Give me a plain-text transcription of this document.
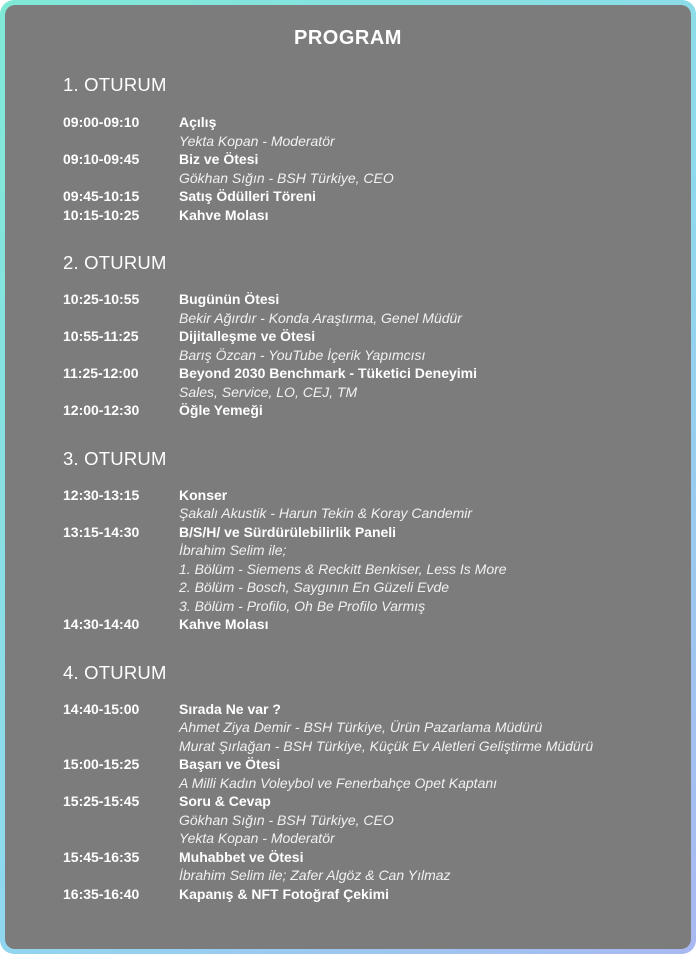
PROGRAM
1. OTURUM
09:00-09:10	Açılış
Yekta Kopan - Moderatör
09:10-09:45	Biz ve Ötesi
Gökhan Sığın - BSH Türkiye, CEO
09:45-10:15	Satış Ödülleri Töreni
10:15-10:25	Kahve Molası
2. OTURUM
10:25-10:55	Bugünün Ötesi
Bekir Ağırdır - Konda Araştırma, Genel Müdür
10:55-11:25	Dijitalleşme ve Ötesi
Barış Özcan - YouTube İçerik Yapımcısı
11:25-12:00	Beyond 2030 Benchmark - Tüketici Deneyimi
Sales, Service, LO, CEJ, TM
12:00-12:30	Öğle Yemeği
3. OTURUM
12:30-13:15	Konser
Şakalı Akustik - Harun Tekin & Koray Candemir
13:15-14:30	B/S/H/ ve Sürdürülebilirlik Paneli
İbrahim Selim ile;
1. Bölüm - Siemens & Reckitt Benkiser, Less Is More
2. Bölüm - Bosch, Saygının En Güzeli Evde
3. Bölüm - Profilo, Oh Be Profilo Varmış
14:30-14:40	Kahve Molası
4. OTURUM
14:40-15:00	Sırada Ne var ?
Ahmet Ziya Demir - BSH Türkiye, Ürün Pazarlama Müdürü
Murat Şırlağan - BSH Türkiye, Küçük Ev Aletleri Geliştirme Müdürü
15:00-15:25	Başarı ve Ötesi
A Milli Kadın Voleybol ve Fenerbahçe Opet Kaptanı
15:25-15:45	Soru & Cevap
Gökhan Sığın - BSH Türkiye, CEO
Yekta Kopan - Moderatör
15:45-16:35	Muhabbet ve Ötesi
İbrahim Selim ile; Zafer Algöz & Can Yılmaz
16:35-16:40	Kapanış & NFT Fotoğraf Çekimi
